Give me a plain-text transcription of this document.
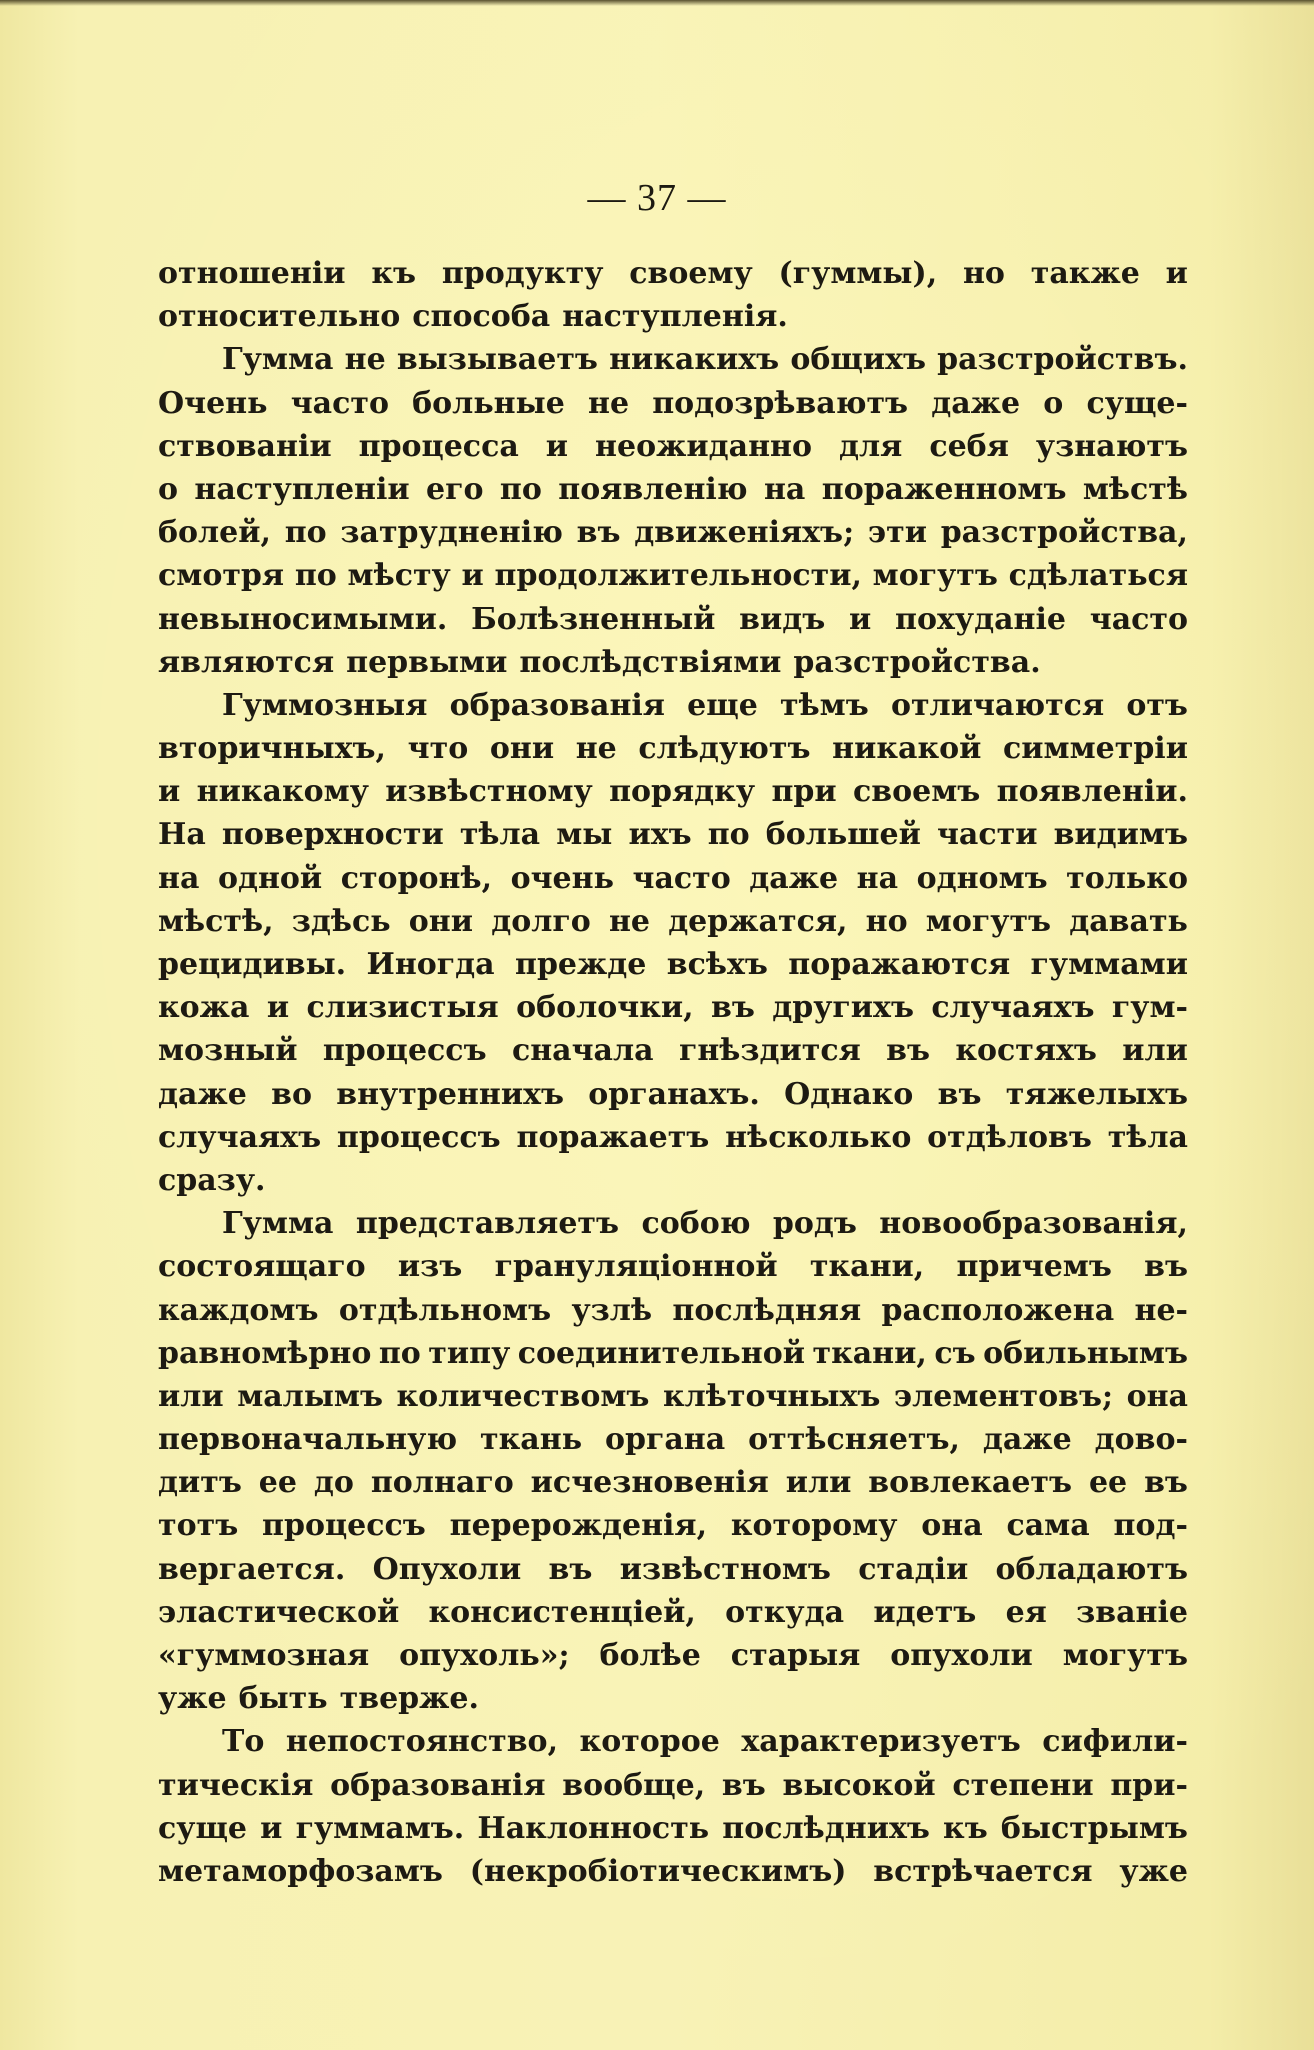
— 37 —
отношеніи къ продукту своему (гуммы), но также и
относительно способа наступленія.
Гумма не вызываетъ никакихъ общихъ разстройствъ.
Очень часто больные не подозрѣваютъ даже о суще-
ствованіи процесса и неожиданно для себя узнаютъ
о наступленіи его по появленію на пораженномъ мѣстѣ
болей, по затрудненію въ движеніяхъ; эти разстройства,
смотря по мѣсту и продолжительности, могутъ сдѣлаться
невыносимыми. Болѣзненный видъ и похуданіе часто
являются первыми послѣдствіями разстройства.
Гуммозныя образованія еще тѣмъ отличаются отъ
вторичныхъ, что они не слѣдуютъ никакой симметріи
и никакому извѣстному порядку при своемъ появленіи.
На поверхности тѣла мы ихъ по большей части видимъ
на одной сторонѣ, очень часто даже на одномъ только
мѣстѣ, здѣсь они долго не держатся, но могутъ давать
рецидивы. Иногда прежде всѣхъ поражаются гуммами
кожа и слизистыя оболочки, въ другихъ случаяхъ гум-
мозный процессъ сначала гнѣздится въ костяхъ или
даже во внутреннихъ органахъ. Однако въ тяжелыхъ
случаяхъ процессъ поражаетъ нѣсколько отдѣловъ тѣла
сразу.
Гумма представляетъ собою родъ новообразованія,
состоящаго изъ грануляціонной ткани, причемъ въ
каждомъ отдѣльномъ узлѣ послѣдняя расположена не-
равномѣрно по типу соединительной ткани, съ обильнымъ
или малымъ количествомъ клѣточныхъ элементовъ; она
первоначальную ткань органа оттѣсняетъ, даже дово-
дитъ ее до полнаго исчезновенія или вовлекаетъ ее въ
тотъ процессъ перерожденія, которому она сама под-
вергается. Опухоли въ извѣстномъ стадіи обладаютъ
эластической консистенціей, откуда идетъ ея званіе
«гуммозная опухоль»; болѣе старыя опухоли могутъ
уже быть тверже.
То непостоянство, которое характеризуетъ сифили-
тическія образованія вообще, въ высокой степени при-
суще и гуммамъ. Наклонность послѣднихъ къ быстрымъ
метаморфозамъ (некробіотическимъ) встрѣчается уже
